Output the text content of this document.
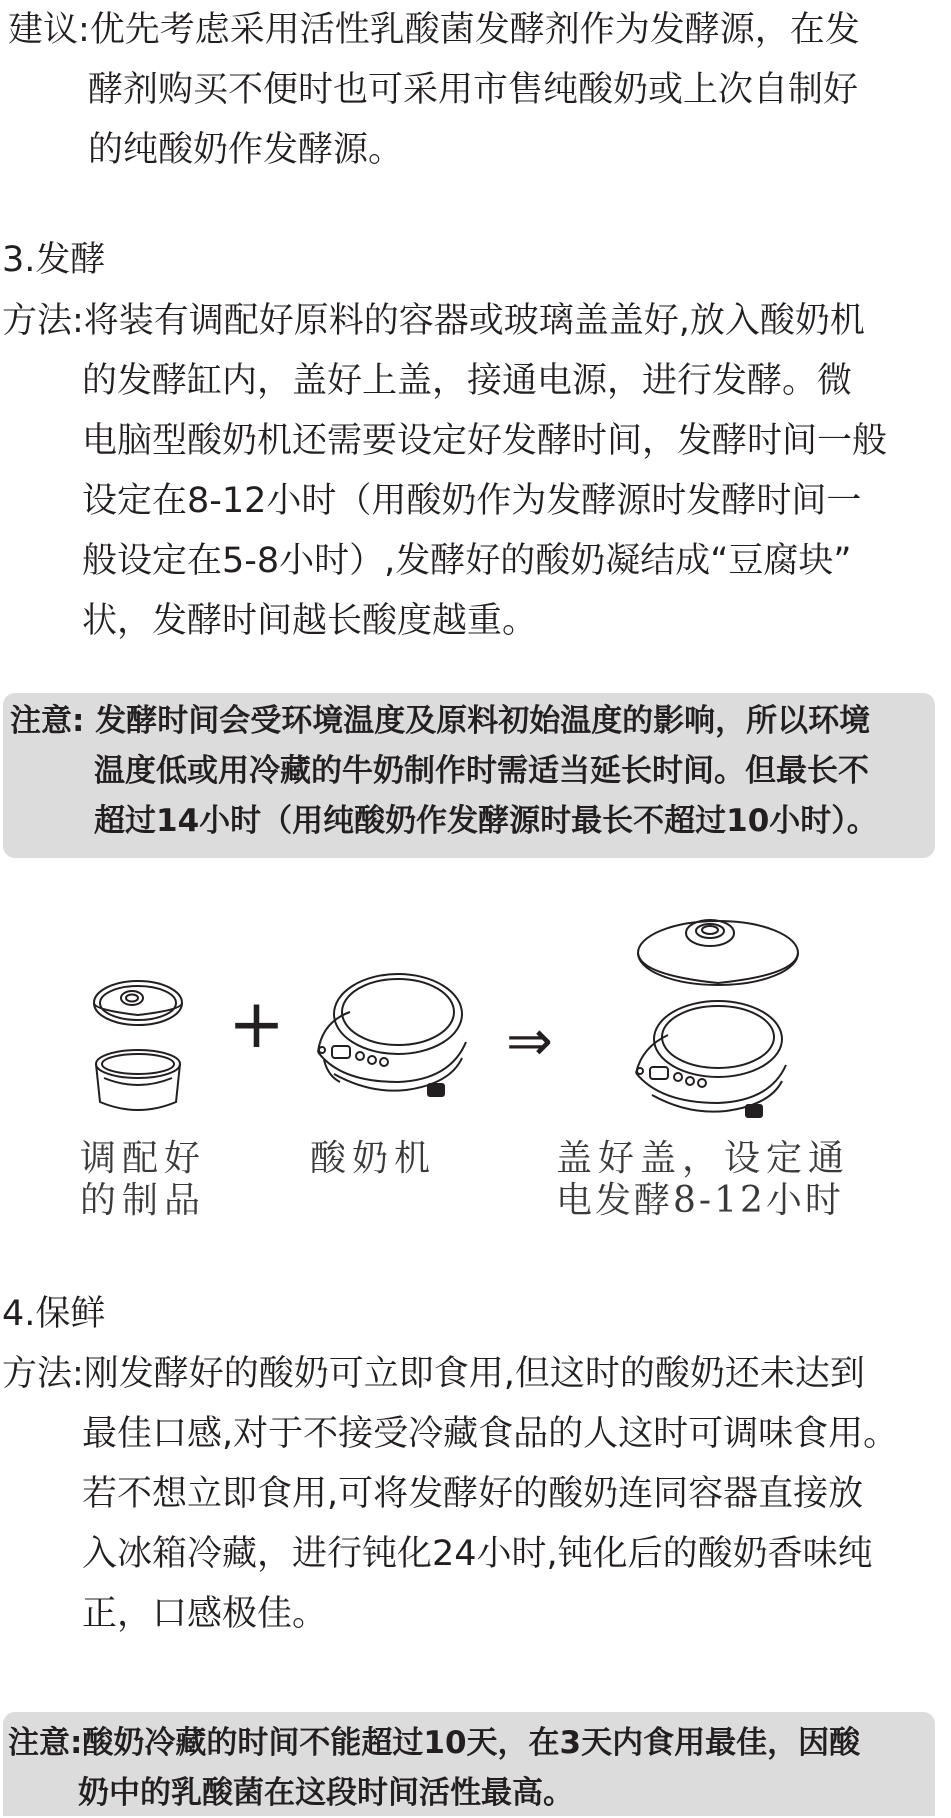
建议:优先考虑采用活性乳酸菌发酵剂作为发酵源，在发
酵剂购买不便时也可采用市售纯酸奶或上次自制好
的纯酸奶作发酵源。
3.发酵
方法:将装有调配好原料的容器或玻璃盖盖好,放入酸奶机
的发酵缸内，盖好上盖，接通电源，进行发酵。微
电脑型酸奶机还需要设定好发酵时间，发酵时间一般
设定在8-12小时（用酸奶作为发酵源时发酵时间一
般设定在5-8小时）,发酵好的酸奶凝结成“豆腐块”
状，发酵时间越长酸度越重。
注意: 发酵时间会受环境温度及原料初始温度的影响，所以环境
温度低或用冷藏的牛奶制作时需适当延长时间。但最长不
超过14小时（用纯酸奶作发酵源时最长不超过10小时）。
+	⇒
调配好
的制品
酸奶机	盖好盖，设定通
电发酵8-12小时
4.保鲜
方法:刚发酵好的酸奶可立即食用,但这时的酸奶还未达到
最佳口感,对于不接受冷藏食品的人这时可调味食用。
若不想立即食用,可将发酵好的酸奶连同容器直接放
入冰箱冷藏，进行钝化24小时,钝化后的酸奶香味纯
正，口感极佳。
注意:酸奶冷藏的时间不能超过10天，在3天内食用最佳，因酸
奶中的乳酸菌在这段时间活性最高。
